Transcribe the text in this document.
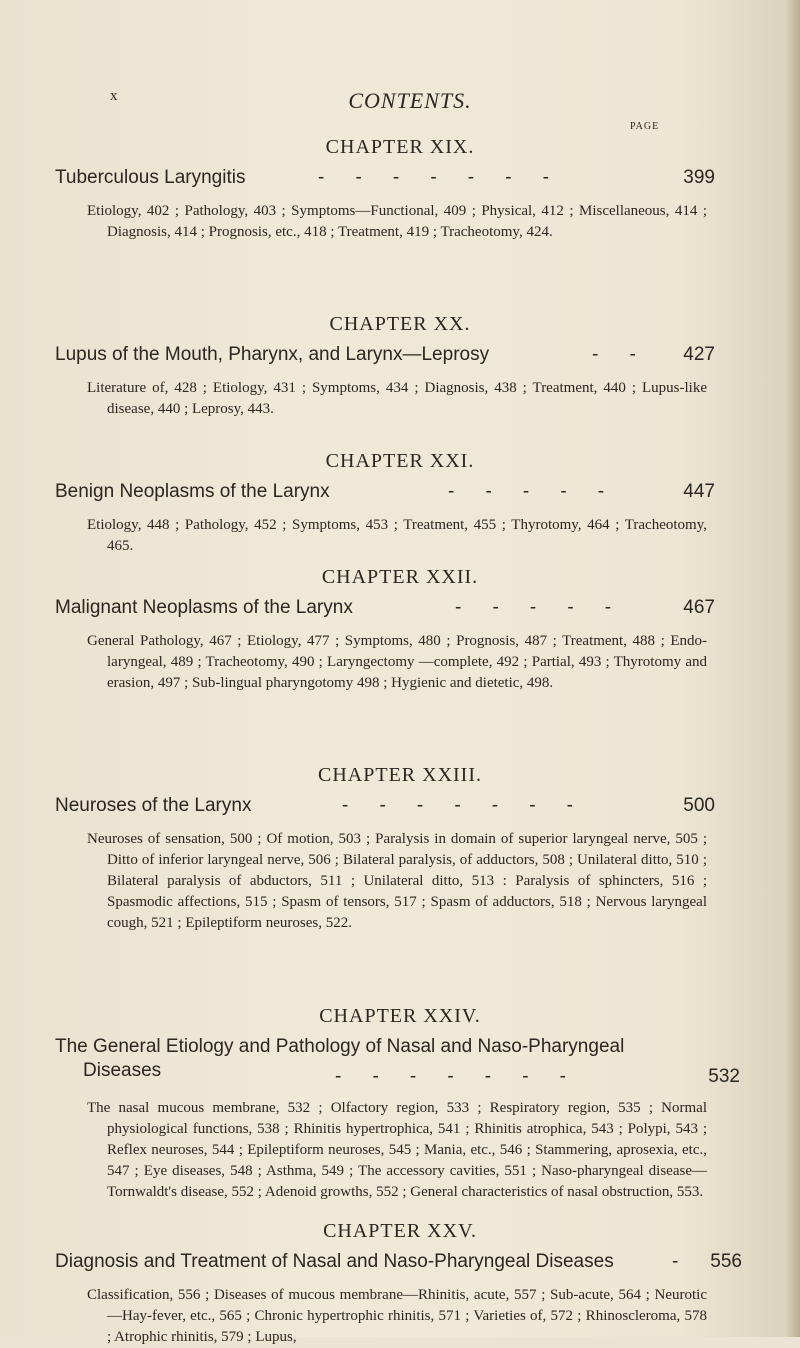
x	CONTENTS.
PAGE

CHAPTER XIX.

Tuberculous Laryngitis	-    -    -    -    -    -    -	399

Etiology, 402 ; Pathology, 403 ; Symptoms—Functional, 409 ; Physical, 412 ; Miscellaneous, 414 ; Diagnosis, 414 ; Prognosis, etc., 418 ; Treatment, 419 ; Tracheotomy, 424.

CHAPTER XX.

Lupus of the Mouth, Pharynx, and Larynx—Leprosy	-    -	427

Literature of, 428 ; Etiology, 431 ; Symptoms, 434 ; Diagnosis, 438 ; Treatment, 440 ; Lupus-like disease, 440 ; Leprosy, 443.

CHAPTER XXI.

Benign Neoplasms of the Larynx	-    -    -    -    -	447

Etiology, 448 ; Pathology, 452 ; Symptoms, 453 ; Treatment, 455 ; Thyrotomy, 464 ; Tracheotomy, 465.

CHAPTER XXII.

Malignant Neoplasms of the Larynx	-    -    -    -    -	467

General Pathology, 467 ; Etiology, 477 ; Symptoms, 480 ; Prognosis, 487 ; Treatment, 488 ; Endo-laryngeal, 489 ; Tracheotomy, 490 ; Laryngectomy —complete, 492 ; Partial, 493 ; Thyrotomy and erasion, 497 ; Sub-lingual pharyngotomy 498 ; Hygienic and dietetic, 498.

CHAPTER XXIII.

Neuroses of the Larynx	-    -    -    -    -    -    -	500

Neuroses of sensation, 500 ; Of motion, 503 ; Paralysis in domain of superior laryngeal nerve, 505 ; Ditto of inferior laryngeal nerve, 506 ; Bilateral paralysis, of adductors, 508 ; Unilateral ditto, 510 ; Bilateral paralysis of abductors, 511 ; Unilateral ditto, 513 : Paralysis of sphincters, 516 ; Spasmodic affections, 515 ; Spasm of tensors, 517 ; Spasm of adductors, 518 ; Nervous laryngeal cough, 521 ; Epileptiform neuroses, 522.

CHAPTER XXIV.

The General Etiology and Pathology of Nasal and Naso-Pharyngeal
Diseases	-    -    -    -    -    -    -	532

The nasal mucous membrane, 532 ; Olfactory region, 533 ; Respiratory region, 535 ; Normal physiological functions, 538 ; Rhinitis hypertrophica, 541 ; Rhinitis atrophica, 543 ; Polypi, 543 ; Reflex neuroses, 544 ; Epileptiform neuroses, 545 ; Mania, etc., 546 ; Stammering, aprosexia, etc., 547 ; Eye diseases, 548 ; Asthma, 549 ; The accessory cavities, 551 ; Naso-pharyngeal disease—Tornwaldt's disease, 552 ; Adenoid growths, 552 ; General characteristics of nasal obstruction, 553.

CHAPTER XXV.

Diagnosis and Treatment of Nasal and Naso-Pharyngeal Diseases	-	556

Classification, 556 ; Diseases of mucous membrane—Rhinitis, acute, 557 ; Sub-acute, 564 ; Neurotic—Hay-fever, etc., 565 ; Chronic hypertrophic rhinitis, 571 ; Varieties of, 572 ; Rhinoscleroma, 578 ; Atrophic rhinitis, 579 ; Lupus,
